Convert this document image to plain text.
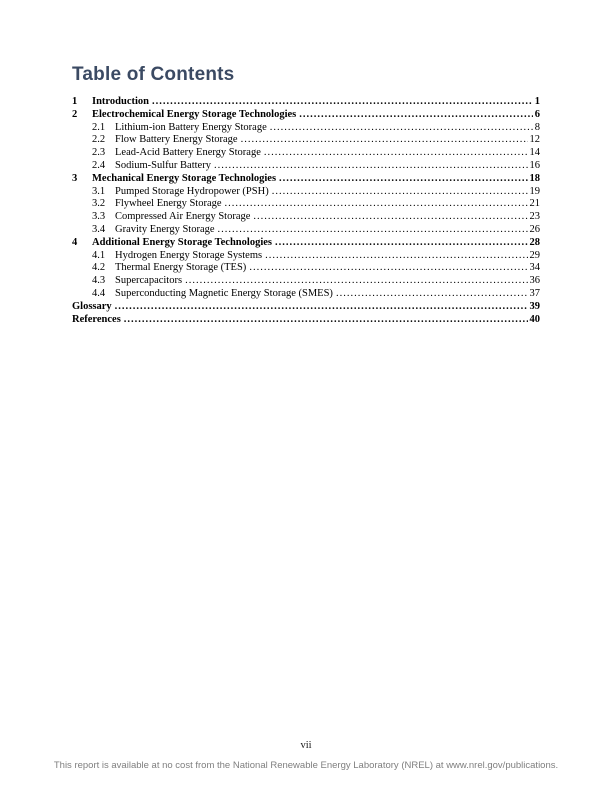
Table of Contents
1	Introduction .....	1
2	Electrochemical Energy Storage Technologies .....	6
2.1 Lithium-ion Battery Energy Storage .....	8
2.2 Flow Battery Energy Storage .....	12
2.3 Lead-Acid Battery Energy Storage .....	14
2.4 Sodium-Sulfur Battery .....	16
3	Mechanical Energy Storage Technologies .....	18
3.1 Pumped Storage Hydropower (PSH) .....	19
3.2 Flywheel Energy Storage .....	21
3.3 Compressed Air Energy Storage .....	23
3.4 Gravity Energy Storage .....	26
4	Additional Energy Storage Technologies .....	28
4.1 Hydrogen Energy Storage Systems .....	29
4.2 Thermal Energy Storage (TES) .....	34
4.3 Supercapacitors .....	36
4.4 Superconducting Magnetic Energy Storage (SMES) .....	37
Glossary .....	39
References .....	40
vii
This report is available at no cost from the National Renewable Energy Laboratory (NREL) at www.nrel.gov/publications.
